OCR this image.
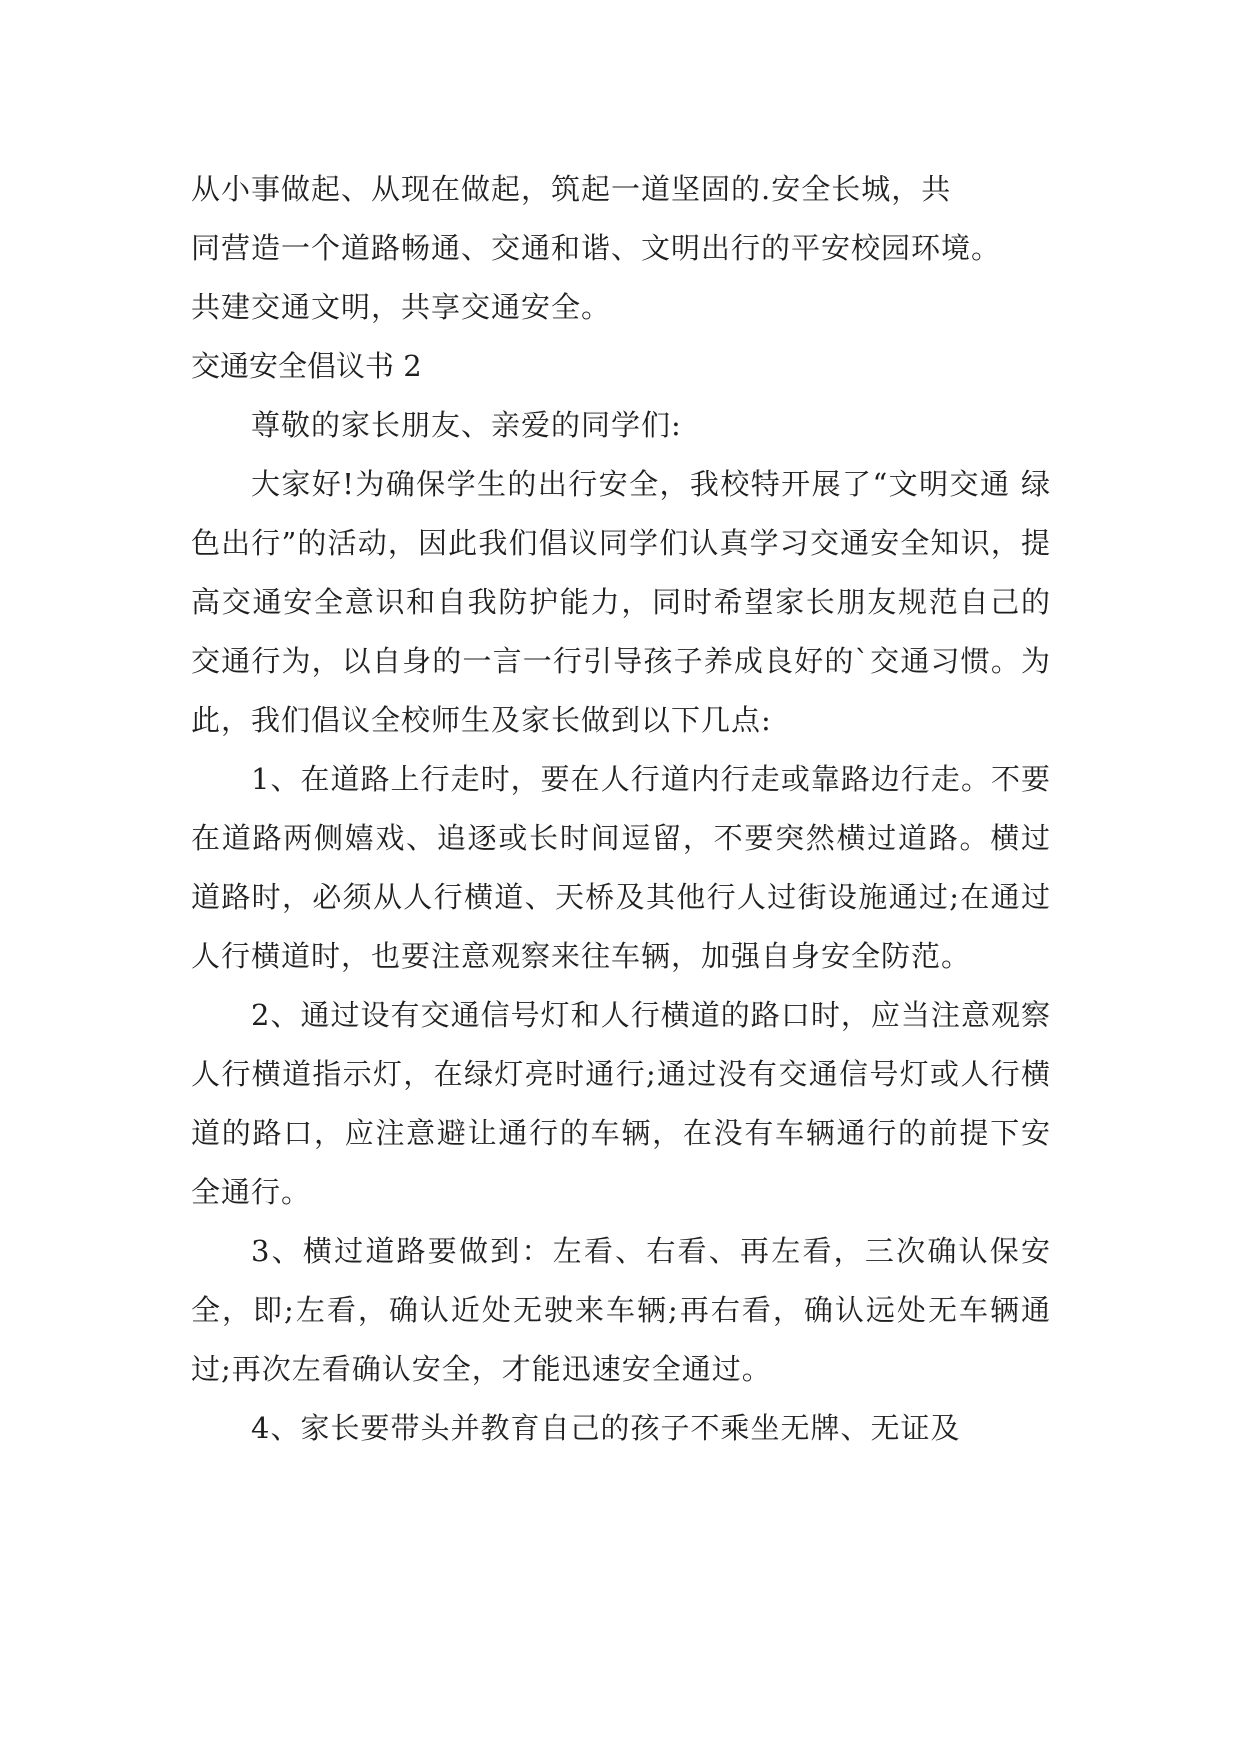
从小事做起、从现在做起，筑起一道坚固的.安全长城，共

同营造一个道路畅通、交通和谐、文明出行的平安校园环境。

共建交通文明，共享交通安全。

交通安全倡议书 2

尊敬的家长朋友、亲爱的同学们:

大家好!为确保学生的出行安全，我校特开展了“文明交通 绿色出行”的活动，因此我们倡议同学们认真学习交通安全知识，提高交通安全意识和自我防护能力，同时希望家长朋友规范自己的交通行为，以自身的一言一行引导孩子养成良好的`交通习惯。为此，我们倡议全校师生及家长做到以下几点:

1、在道路上行走时，要在人行道内行走或靠路边行走。不要在道路两侧嬉戏、追逐或长时间逗留，不要突然横过道路。横过道路时，必须从人行横道、天桥及其他行人过街设施通过;在通过人行横道时，也要注意观察来往车辆，加强自身安全防范。

2、通过设有交通信号灯和人行横道的路口时，应当注意观察人行横道指示灯，在绿灯亮时通行;通过没有交通信号灯或人行横道的路口，应注意避让通行的车辆，在没有车辆通行的前提下安全通行。

3、横过道路要做到：左看、右看、再左看，三次确认保安全，即;左看，确认近处无驶来车辆;再右看，确认远处无车辆通过;再次左看确认安全，才能迅速安全通过。

4、家长要带头并教育自己的孩子不乘坐无牌、无证及
